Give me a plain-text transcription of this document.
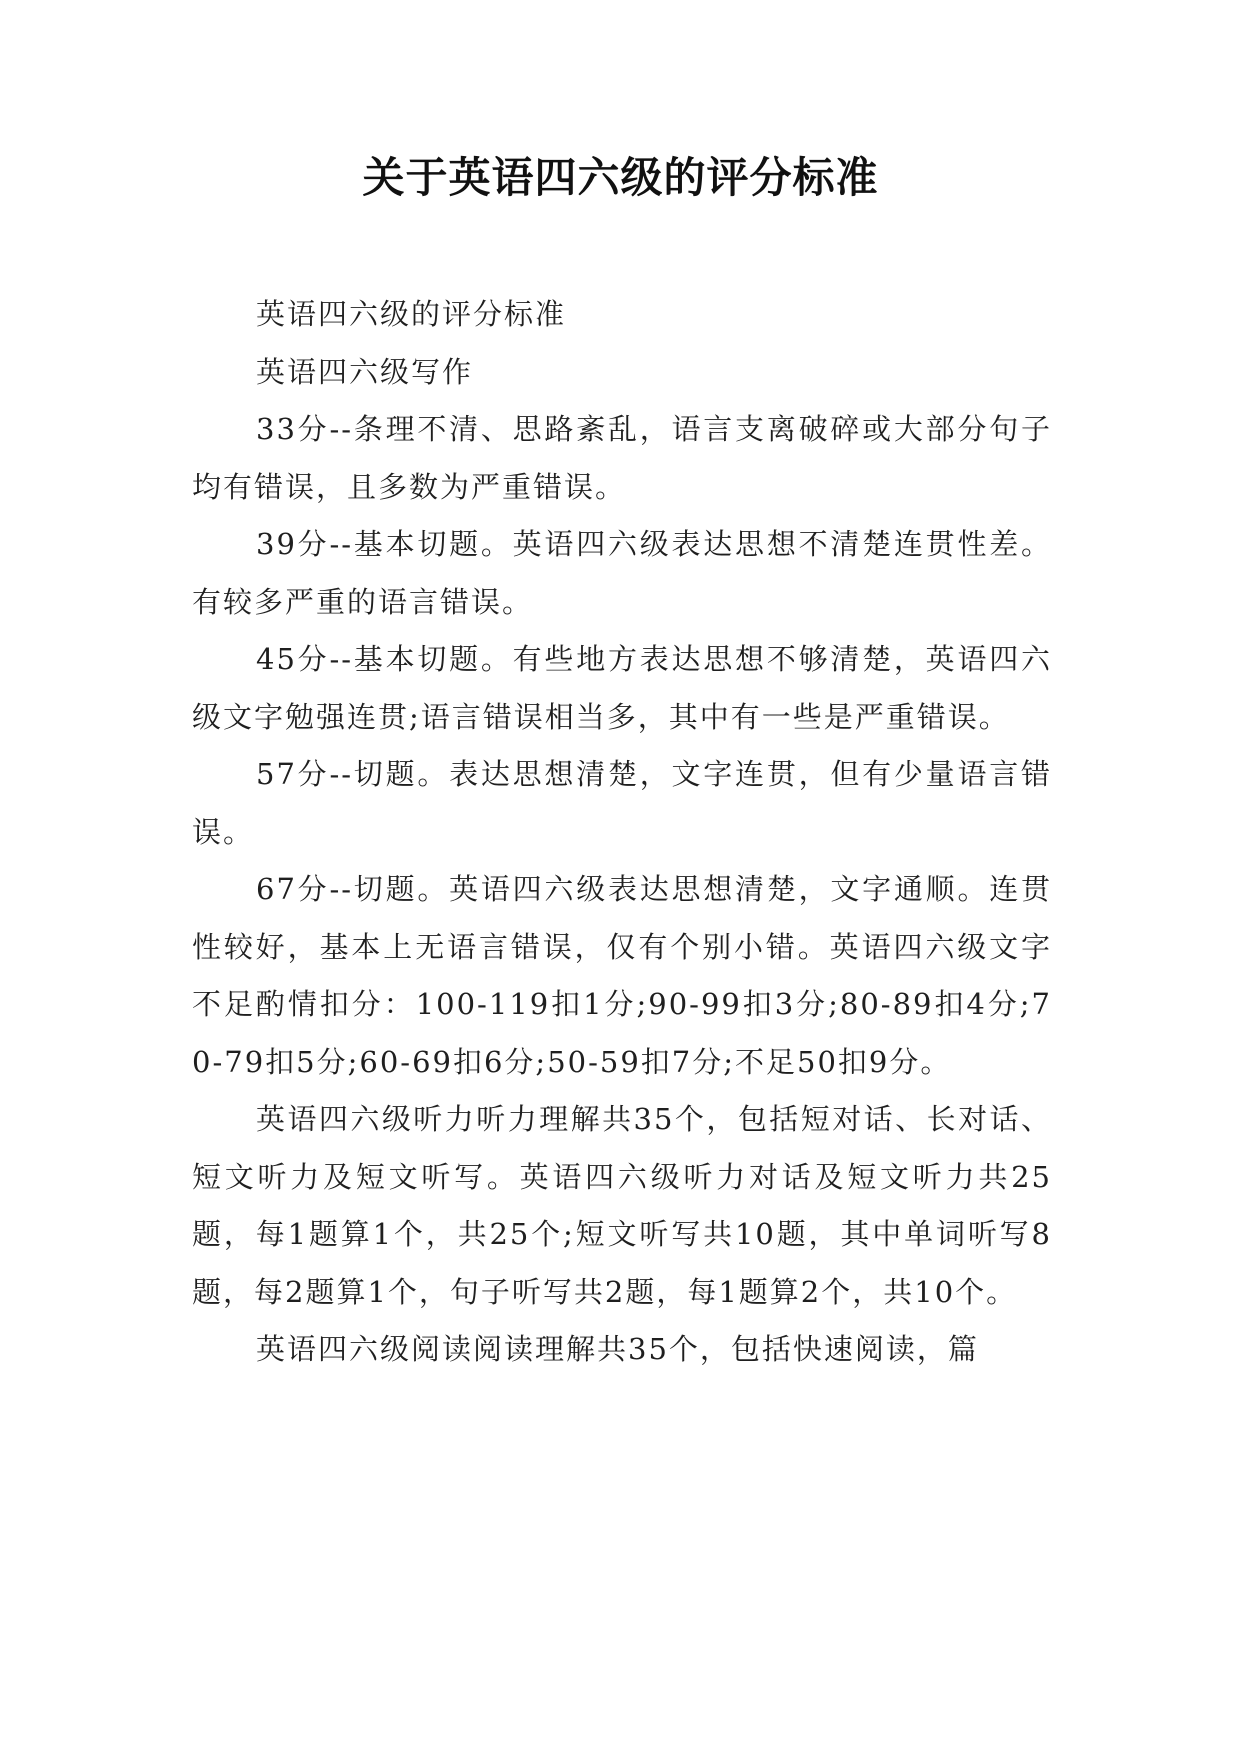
关于英语四六级的评分标准

英语四六级的评分标准

英语四六级写作

33分--条理不清、思路紊乱，语言支离破碎或大部分句子均有错误，且多数为严重错误。

39分--基本切题。英语四六级表达思想不清楚连贯性差。有较多严重的语言错误。

45分--基本切题。有些地方表达思想不够清楚，英语四六级文字勉强连贯;语言错误相当多，其中有一些是严重错误。

57分--切题。表达思想清楚，文字连贯，但有少量语言错误。

67分--切题。英语四六级表达思想清楚，文字通顺。连贯性较好，基本上无语言错误，仅有个别小错。英语四六级文字不足酌情扣分：100-119扣1分;90-99扣3分;80-89扣4分;70-79扣5分;60-69扣6分;50-59扣7分;不足50扣9分。

英语四六级听力听力理解共35个，包括短对话、长对话、短文听力及短文听写。英语四六级听力对话及短文听力共25题，每1题算1个，共25个;短文听写共10题，其中单词听写8题，每2题算1个，句子听写共2题，每1题算2个，共10个。

英语四六级阅读阅读理解共35个，包括快速阅读，篇
